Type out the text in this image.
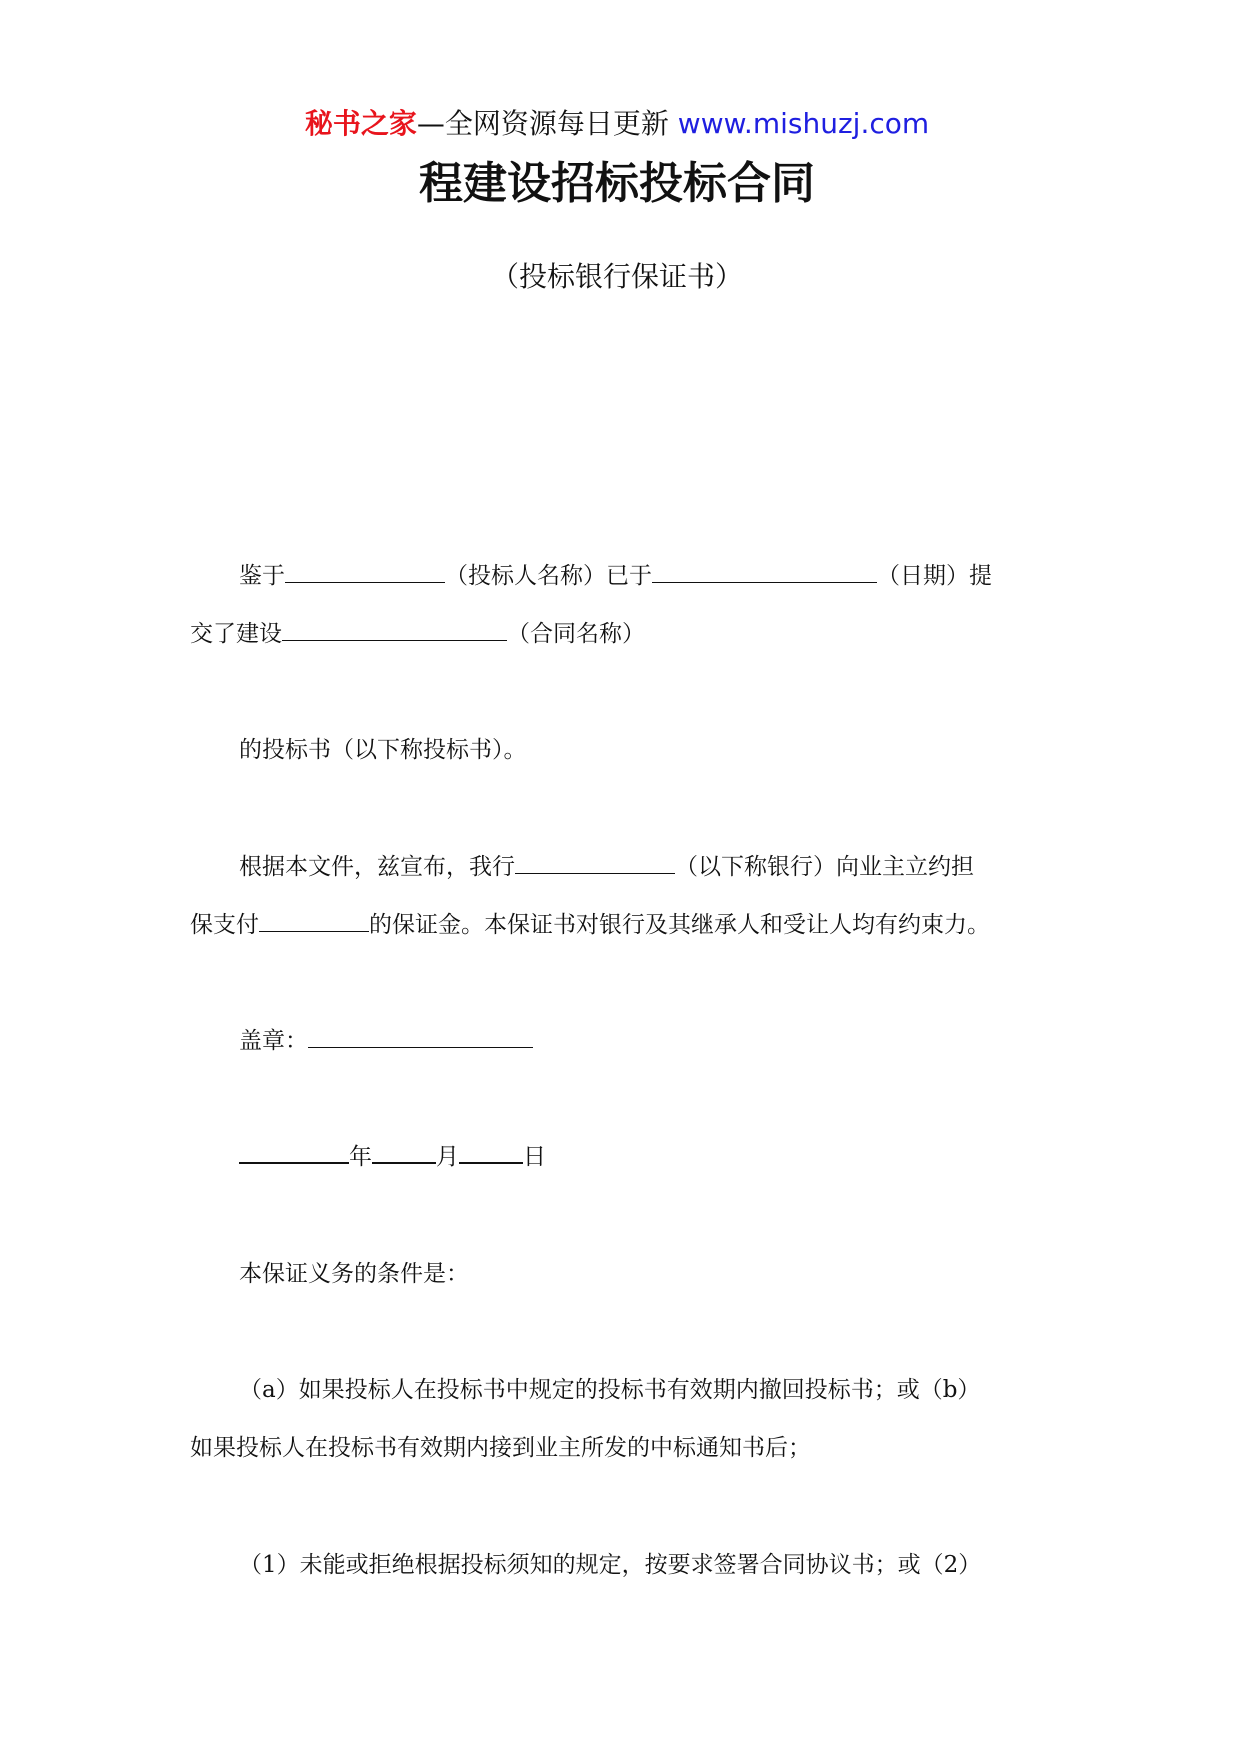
秘书之家—全网资源每日更新 www.mishuzj.com
程建设招标投标合同
（投标银行保证书）
鉴于	（投标人名称）已于	（日期）提
交了建设	（合同名称）
的投标书（以下称投标书）。
根据本文件，兹宣布，我行	（以下称银行）向业主立约担
保支付	的保证金。本保证书对银行及其继承人和受让人均有约束力。
盖章：
年	月	日
本保证义务的条件是：
（a）如果投标人在投标书中规定的投标书有效期内撤回投标书；或（b）
如果投标人在投标书有效期内接到业主所发的中标通知书后；
（1）未能或拒绝根据投标须知的规定，按要求签署合同协议书；或（2）
